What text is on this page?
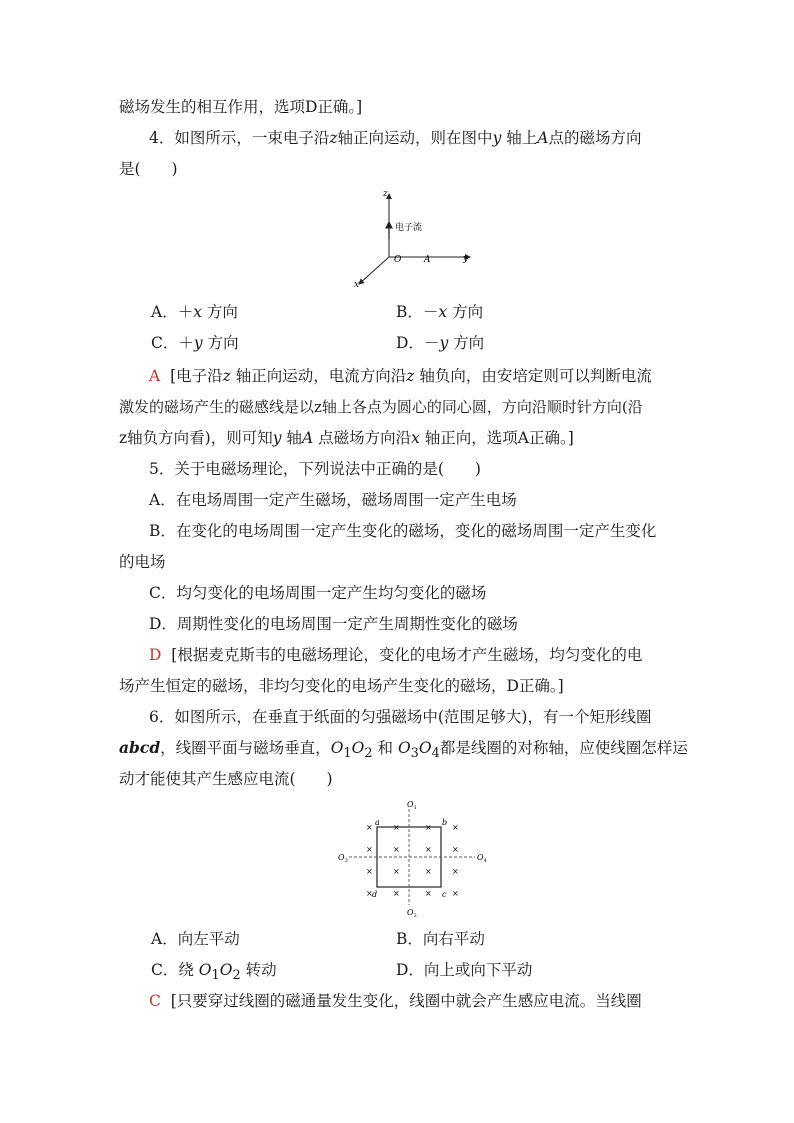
磁场发生的相互作用，选项D正确。]
4．如图所示，一束电子沿z轴正向运动，则在图中y 轴上A点的磁场方向
是(　　)
z
y
x
O	A
电子流
A．＋x 方向	B．－x 方向
C．＋y 方向	D．－y 方向
A [电子沿z 轴正向运动，电流方向沿z 轴负向，由安培定则可以判断电流
激发的磁场产生的磁感线是以z轴上各点为圆心的同心圆，方向沿顺时针方向(沿
z轴负方向看)，则可知y 轴A 点磁场方向沿x 轴正向，选项A正确。]
5．关于电磁场理论，下列说法中正确的是(　　)
A．在电场周围一定产生磁场，磁场周围一定产生电场
B．在变化的电场周围一定产生变化的磁场，变化的磁场周围一定产生变化
的电场
C．均匀变化的电场周围一定产生均匀变化的磁场
D．周期性变化的电场周围一定产生周期性变化的磁场
D [根据麦克斯韦的电磁场理论，变化的电场才产生磁场，均匀变化的电
场产生恒定的磁场，非均匀变化的电场产生变化的磁场，D正确。]
6．如图所示，在垂直于纸面的匀强磁场中(范围足够大)，有一个矩形线圈
abcd，线圈平面与磁场垂直，$O_1O_2$ 和 $O_3O_4$都是线圈的对称轴，应使线圈怎样运
动才能使其产生感应电流(　　)
×	×	×	×
×	×	×	×
×	×	×	×
×	×	×	×
a	b
c
d
$O_1$
$O_2$
$O_3$	$O_4$
A．向左平动	B．向右平动
C．绕 $O_1O_2$ 转动	D．向上或向下平动
C [只要穿过线圈的磁通量发生变化，线圈中就会产生感应电流。当线圈
